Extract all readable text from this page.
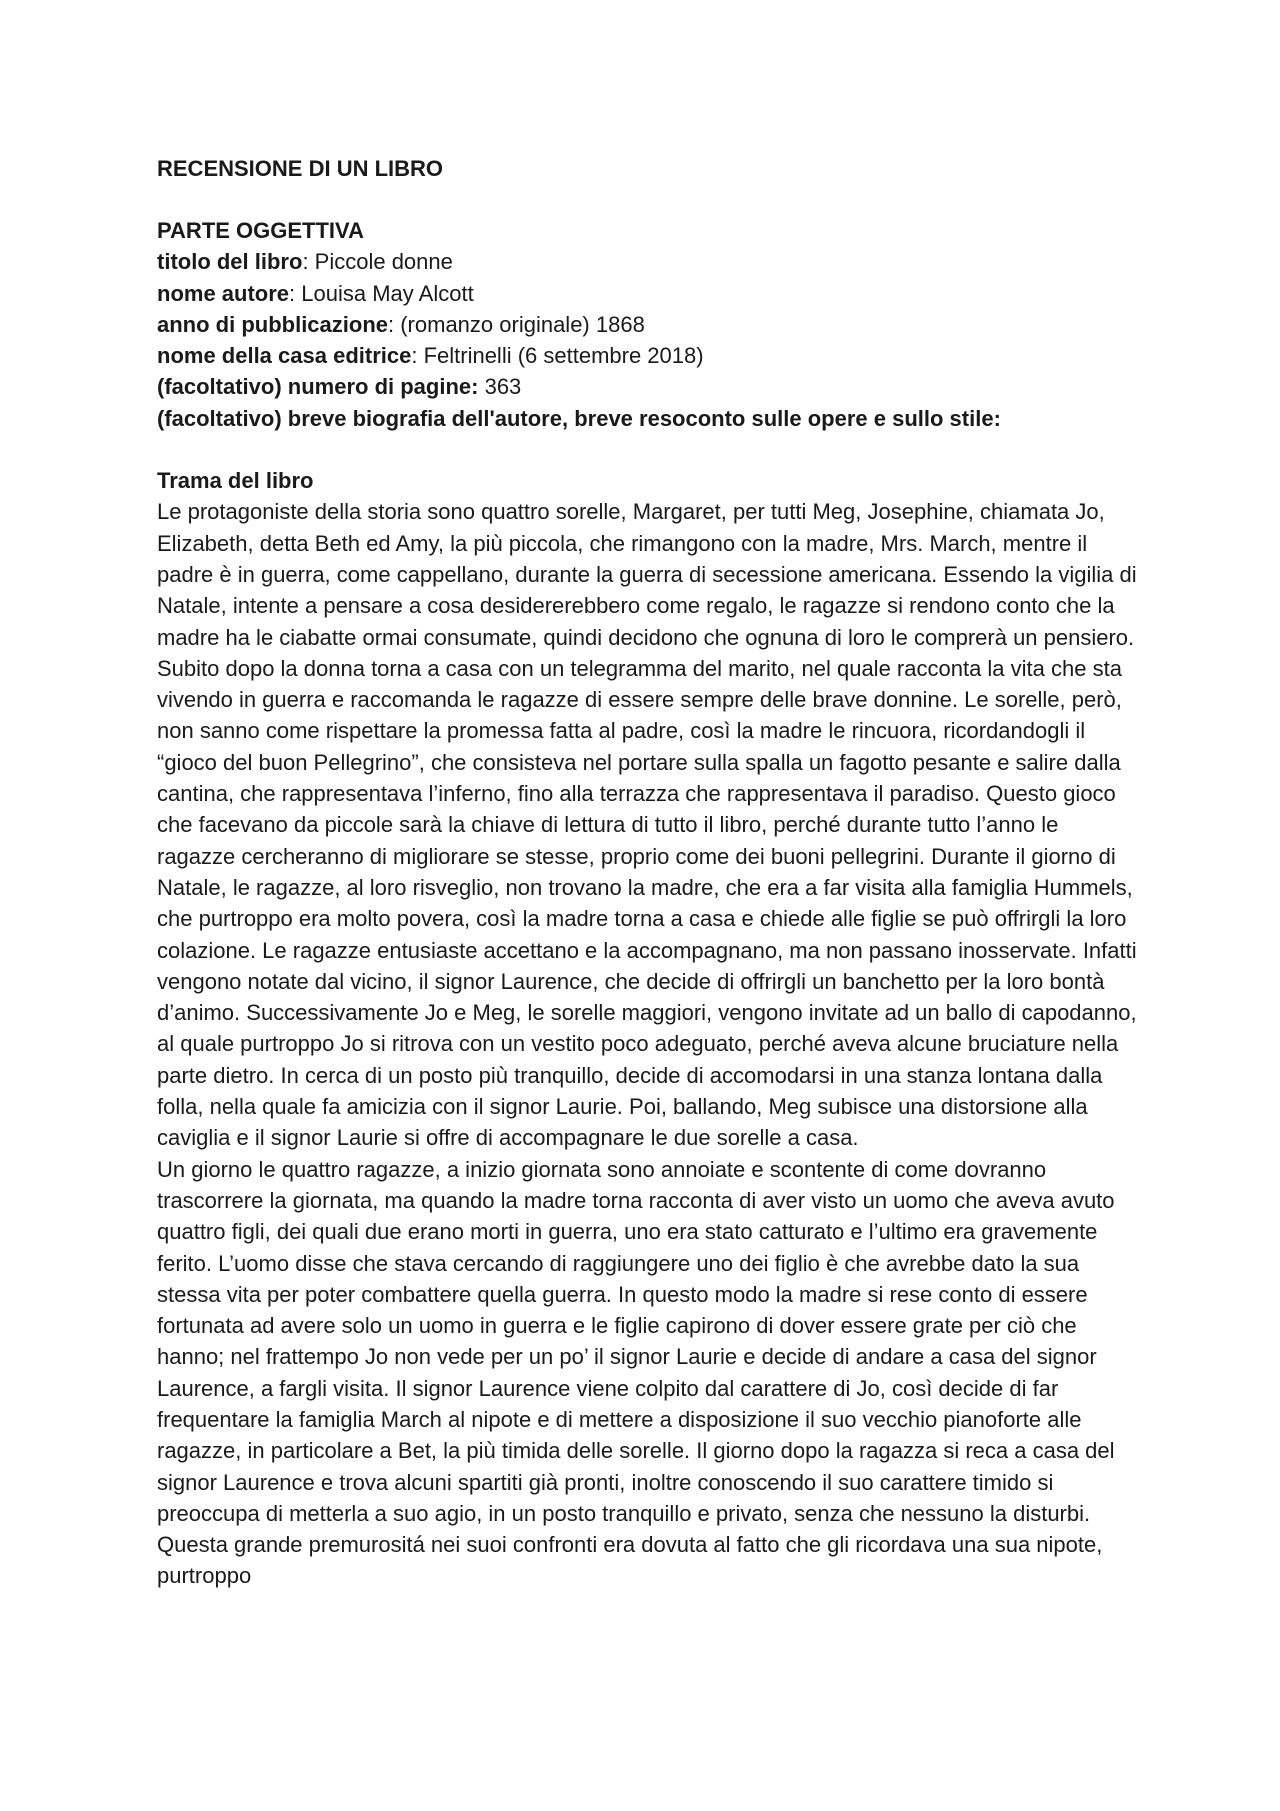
RECENSIONE DI UN LIBRO

PARTE OGGETTIVA

titolo del libro: Piccole donne

nome autore: Louisa May Alcott

anno di pubblicazione: (romanzo originale) 1868

nome della casa editrice: Feltrinelli (6 settembre 2018)

(facoltativo) numero di pagine: 363

(facoltativo) breve biografia dell'autore, breve resoconto sulle opere e sullo stile:

Trama del libro

Le protagoniste della storia sono quattro sorelle, Margaret, per tutti Meg, Josephine, chiamata Jo, Elizabeth, detta Beth ed Amy, la più piccola, che rimangono con la madre, Mrs. March, mentre il padre è in guerra, come cappellano, durante la guerra di secessione americana. Essendo la vigilia di Natale, intente a pensare a cosa desidererebbero come regalo, le ragazze si rendono conto che la madre ha le ciabatte ormai consumate, quindi decidono che ognuna di loro le comprerà un pensiero. Subito dopo la donna torna a casa con un telegramma del marito, nel quale racconta la vita che sta vivendo in guerra e raccomanda le ragazze di essere sempre delle brave donnine. Le sorelle, però, non sanno come rispettare la promessa fatta al padre, così la madre le rincuora, ricordandogli il “gioco del buon Pellegrino”, che consisteva nel portare sulla spalla un fagotto pesante e salire dalla cantina, che rappresentava l’inferno, fino alla terrazza che rappresentava il paradiso. Questo gioco che facevano da piccole sarà la chiave di lettura di tutto il libro, perché durante tutto l’anno le ragazze cercheranno di migliorare se stesse, proprio come dei buoni pellegrini. Durante il giorno di Natale, le ragazze, al loro risveglio, non trovano la madre, che era a far visita alla famiglia Hummels, che purtroppo era molto povera, così la madre torna a casa e chiede alle figlie se può offrirgli la loro colazione. Le ragazze entusiaste accettano e la accompagnano, ma non passano inosservate. Infatti vengono notate dal vicino, il signor Laurence, che decide di offrirgli un banchetto per la loro bontà d’animo. Successivamente Jo e Meg, le sorelle maggiori, vengono invitate ad un ballo di capodanno, al quale purtroppo Jo si ritrova con un vestito poco adeguato, perché aveva alcune bruciature nella parte dietro. In cerca di un posto più tranquillo, decide di accomodarsi in una stanza lontana dalla folla, nella quale fa amicizia con il signor Laurie. Poi, ballando, Meg subisce una distorsione alla caviglia e il signor Laurie si offre di accompagnare le due sorelle a casa.

Un giorno le quattro ragazze, a inizio giornata sono annoiate e scontente di come dovranno trascorrere la giornata, ma quando la madre torna racconta di aver visto un uomo che aveva avuto quattro figli, dei quali due erano morti in guerra, uno era stato catturato e l’ultimo era gravemente ferito. L’uomo disse che stava cercando di raggiungere uno dei figlio è che avrebbe dato la sua stessa vita per poter combattere quella guerra. In questo modo la madre si rese conto di essere fortunata ad avere solo un uomo in guerra e le figlie capirono di dover essere grate per ciò che hanno; nel frattempo Jo non vede per un po’ il signor Laurie e decide di andare a casa del signor Laurence, a fargli visita. Il signor Laurence viene colpito dal carattere di Jo, così decide di far frequentare la famiglia March al nipote e di mettere a disposizione il suo vecchio pianoforte alle ragazze, in particolare a Bet, la più timida delle sorelle. Il giorno dopo la ragazza si reca a casa del signor Laurence e trova alcuni spartiti già pronti, inoltre conoscendo il suo carattere timido si preoccupa di metterla a suo agio, in un posto tranquillo e privato, senza che nessuno la disturbi. Questa grande premurositá nei suoi confronti era dovuta al fatto che gli ricordava una sua nipote, purtroppo
